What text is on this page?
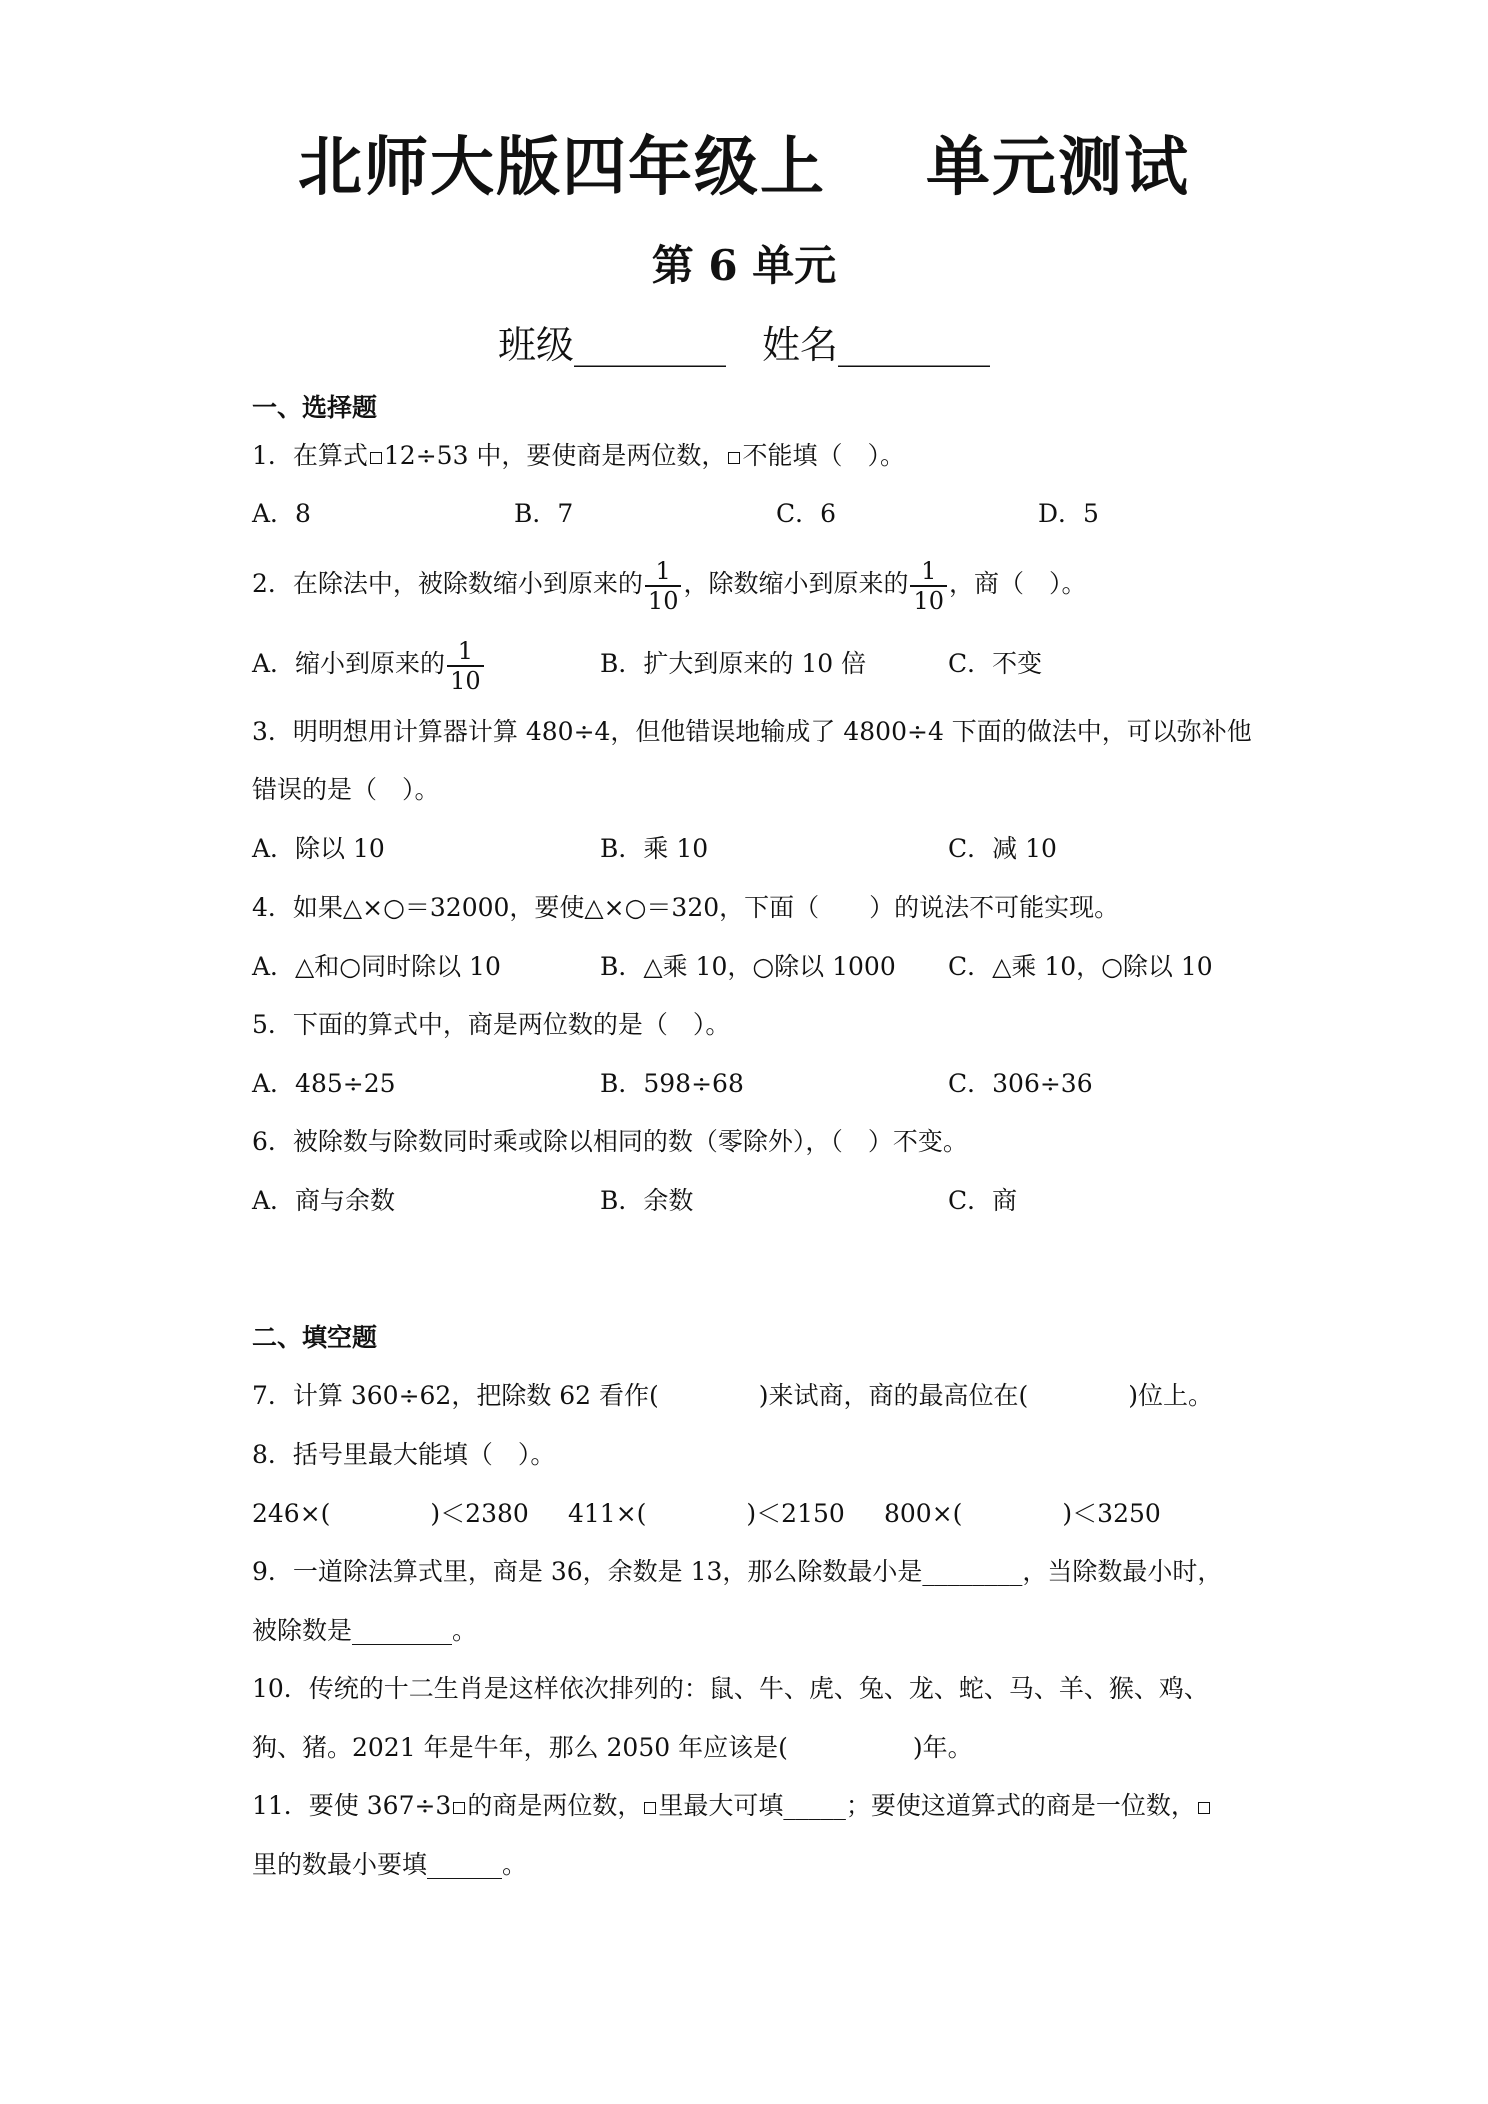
北师大版四年级上 单元测试
第 6 单元
班级________ 姓名________
一、选择题
1．在算式 12÷53 中，要使商是两位数， 不能填（　）。
A．8	B．7	C．6	D．5
2．在除法中，被除数缩小到原来的 $\frac{1}{10}$ ，除数缩小到原来的 $\frac{1}{10}$ ，商（　）。
A．缩小到原来的 $\frac{1}{10}$	B．扩大到原来的 10 倍	C．不变
3．明明想用计算器计算 480÷4，但他错误地输成了 4800÷4 下面的做法中，可以弥补他
错误的是（　）。
A．除以 10	B．乘 10	C．减 10
4．如果△×○＝32000，要使△×○＝320，下面（　　）的说法不可能实现。
A．△和○同时除以 10	B．△乘 10，○除以 1000 C．△乘 10，○除以 10
5．下面的算式中，商是两位数的是（　）。
A．485÷25	B．598÷68	C．306÷36
6．被除数与除数同时乘或除以相同的数（零除外），（　）不变。
A．商与余数	B．余数	C．商
二、填空题
7．计算 360÷62，把除数 62 看作(　　　　)来试商，商的最高位在(　　　　)位上。
8．括号里最大能填（　）。
246×(　　　　)＜2380 411×(　　　　)＜2150 800×(　　　　)＜3250
9．一道除法算式里，商是 36，余数是 13，那么除数最小是________，当除数最小时，
被除数是________。
10．传统的十二生肖是这样依次排列的：鼠、牛、虎、兔、龙、蛇、马、羊、猴、鸡、
狗、猪。2021 年是牛年，那么 2050 年应该是(　　　　　)年。
11．要使 367÷3 的商是两位数， 里最大可填_____；要使这道算式的商是一位数，
里的数最小要填______。
